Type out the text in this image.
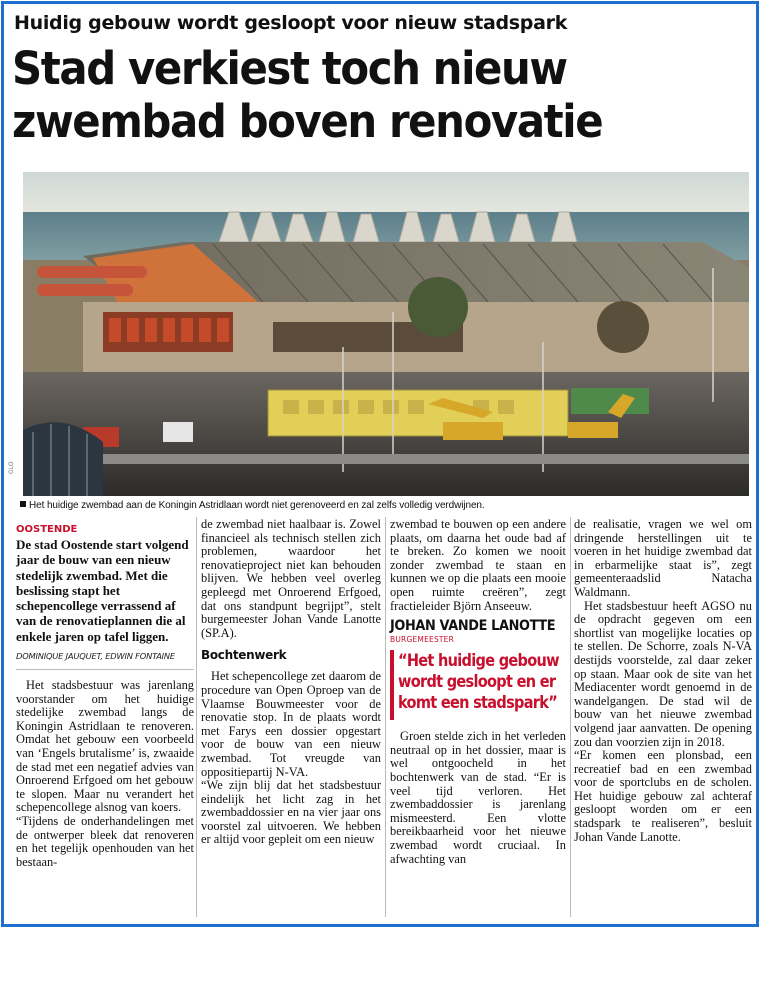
Huidig gebouw wordt gesloopt voor nieuw stadspark
Stad verkiest toch nieuw
zwembad boven renovatie
GLO
Het huidige zwembad aan de Koningin Astridlaan wordt niet gerenoveerd en zal zelfs volledig verdwijnen.
OOSTENDE
De stad Oostende start volgend jaar de bouw van een nieuw stedelijk zwembad. Met die beslissing stapt het schepencollege verrassend af van de renovatieplannen die al enkele jaren op tafel liggen.
DOMINIQUE JAUQUET, EDWIN FONTAINE

Het stadsbestuur was jarenlang voorstander om het huidige stedelijke zwembad langs de Koningin Astridlaan te renoveren. Omdat het gebouw een voorbeeld van ‘Engels brutalisme’ is, zwaaide de stad met een negatief advies van Onroerend Erfgoed om het gebouw te slopen. Maar nu verandert het schepencollege alsnog van koers.

“Tijdens de onderhandelingen met de ontwerper bleek dat renoveren en het tegelijk openhouden van het bestaan-

de zwembad niet haalbaar is. Zowel financieel als technisch stellen zich problemen, waardoor het renovatieproject niet kan behouden blijven. We hebben veel overleg gepleegd met Onroerend Erfgoed, dat ons standpunt begrijpt”, stelt burgemeester Johan Vande Lanotte (SP.A).

Bochtenwerk

Het schepencollege zet daarom de procedure van Open Oproep van de Vlaamse Bouwmeester voor de renovatie stop. In de plaats wordt met Farys een dossier opgestart voor de bouw van een nieuw zwembad. Tot vreugde van oppositiepartij N-VA.

“We zijn blij dat het stadsbestuur eindelijk het licht zag in het zwembaddossier en na vier jaar ons voorstel zal uitvoeren. We hebben er altijd voor gepleit om een nieuw

zwembad te bouwen op een andere plaats, om daarna het oude bad af te breken. Zo komen we nooit zonder zwembad te staan en kunnen we op die plaats een mooie open ruimte creëren”, zegt fractieleider Björn Anseeuw.

JOHAN VANDE LANOTTE
BURGEMEESTER
“Het huidige gebouw wordt gesloopt en er komt een stadspark”

Groen stelde zich in het verleden neutraal op in het dossier, maar is wel ontgoocheld in het bochtenwerk van de stad. “Er is veel tijd verloren. Het zwembaddossier is jarenlang mismeesterd. Een vlotte bereikbaarheid voor het nieuwe zwembad wordt cruciaal. In afwachting van

de realisatie, vragen we wel om dringende herstellingen uit te voeren in het huidige zwembad dat in erbarmelijke staat is”, zegt gemeenteraadslid Natacha Waldmann.

Het stadsbestuur heeft AGSO nu de opdracht gegeven om een shortlist van mogelijke locaties op te stellen. De Schorre, zoals N-VA destijds voorstelde, zal daar zeker op staan. Maar ook de site van het Mediacenter wordt genoemd in de wandelgangen. De stad wil de bouw van het nieuwe zwembad volgend jaar aanvatten. De opening zou dan voorzien zijn in 2018.

“Er komen een plonsbad, een recreatief bad en een zwembad voor de sportclubs en de scholen. Het huidige gebouw zal achteraf gesloopt worden om er een stadspark te realiseren”, besluit Johan Vande Lanotte.
